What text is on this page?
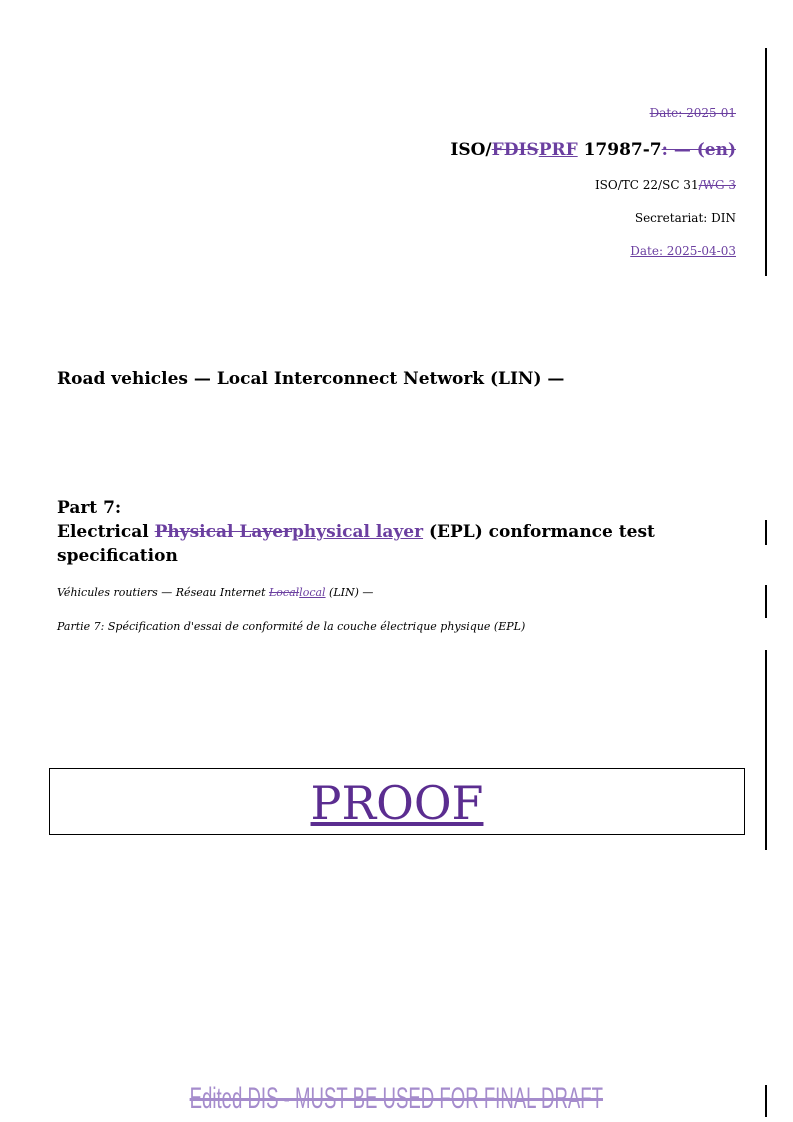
Date: 2025-01
ISO/FDISPRF 17987-7: — (en)
ISO/TC 22/SC 31/WG 3
Secretariat: DIN
Date: 2025-04-03
Road vehicles — Local Interconnect Network (LIN) —
Part 7:
Electrical Physical Layerphysical layer (EPL) conformance test
specification
Véhicules routiers — Réseau Internet Locallocal (LIN) —
Partie 7: Spécification d'essai de conformité de la couche électrique physique (EPL)
PROOF
Edited DIS - MUST BE USED FOR FINAL DRAFT
